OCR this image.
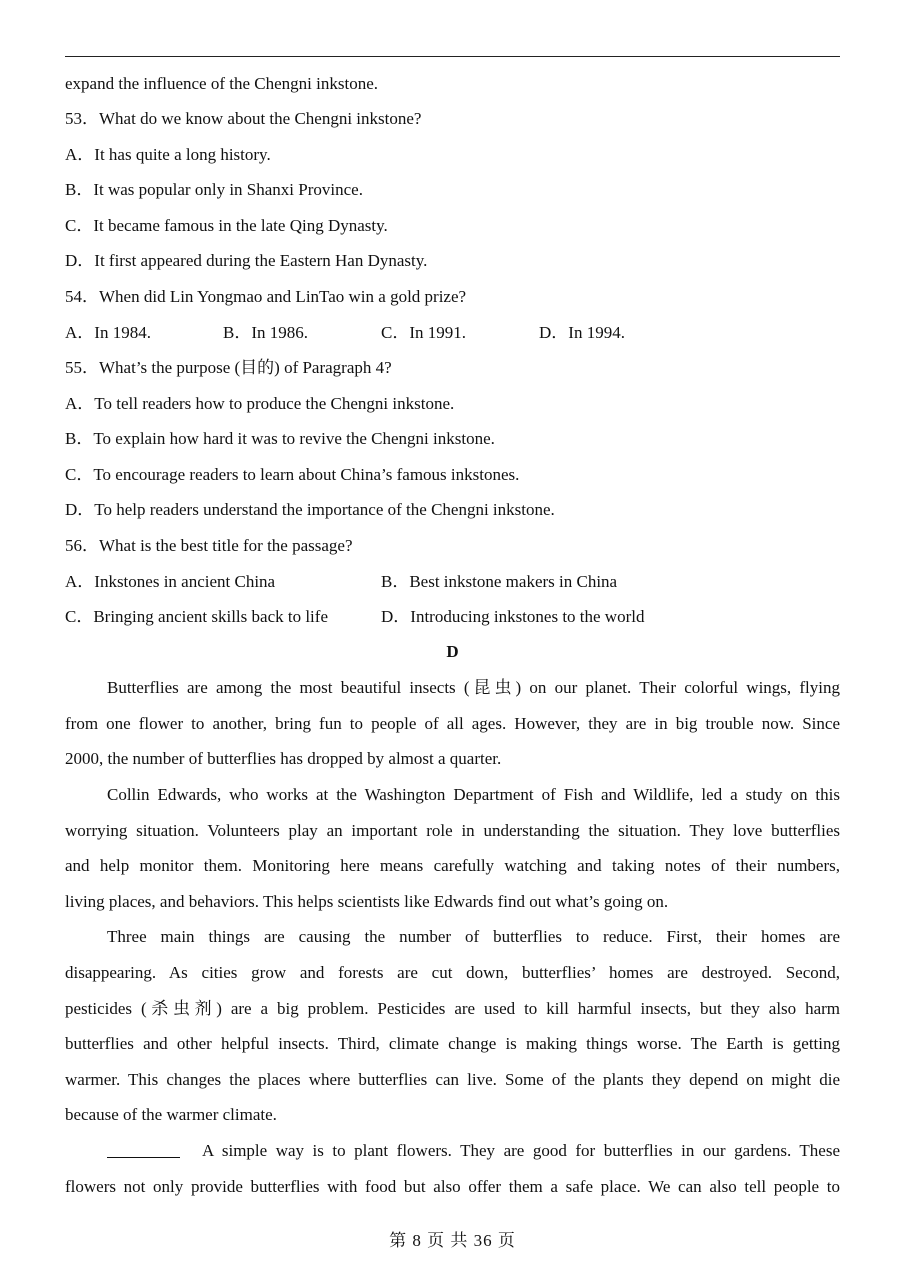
expand the influence of the Chengni inkstone.
53．What do we know about the Chengni inkstone?
A．It has quite a long history.
B．It was popular only in Shanxi Province.
C．It became famous in the late Qing Dynasty.
D．It first appeared during the Eastern Han Dynasty.
54．When did Lin Yongmao and LinTao win a gold prize?
A．In 1984.	B．In 1986.	C．In 1991.	D．In 1994.
55．What’s the purpose (目的) of Paragraph 4?
A．To tell readers how to produce the Chengni inkstone.
B．To explain how hard it was to revive the Chengni inkstone.
C．To encourage readers to learn about China’s famous inkstones.
D．To help readers understand the importance of the Chengni inkstone.
56．What is the best title for the passage?
A．Inkstones in ancient China	B．Best inkstone makers in China
C．Bringing ancient skills back to life	D．Introducing inkstones to the world
D
Butterflies are among the most beautiful insects (昆虫) on our planet. Their colorful wings, flying
from one flower to another, bring fun to people of all ages. However, they are in big trouble now. Since
2000, the number of butterflies has dropped by almost a quarter.
Collin Edwards, who works at the Washington Department of Fish and Wildlife, led a study on this
worrying situation. Volunteers play an important role in understanding the situation. They love butterflies
and help monitor them. Monitoring here means carefully watching and taking notes of their numbers,
living places, and behaviors. This helps scientists like Edwards find out what’s going on.
Three main things are causing the number of butterflies to reduce. First, their homes are
disappearing. As cities grow and forests are cut down, butterflies’ homes are destroyed. Second,
pesticides (杀虫剂) are a big problem. Pesticides are used to kill harmful insects, but they also harm
butterflies and other helpful insects. Third, climate change is making things worse. The Earth is getting
warmer. This changes the places where butterflies can live. Some of the plants they depend on might die
because of the warmer climate.
A simple way is to plant flowers. They are good for butterflies in our gardens. These
flowers not only provide butterflies with food but also offer them a safe place. We can also tell people to
第 8 页 共 36 页
